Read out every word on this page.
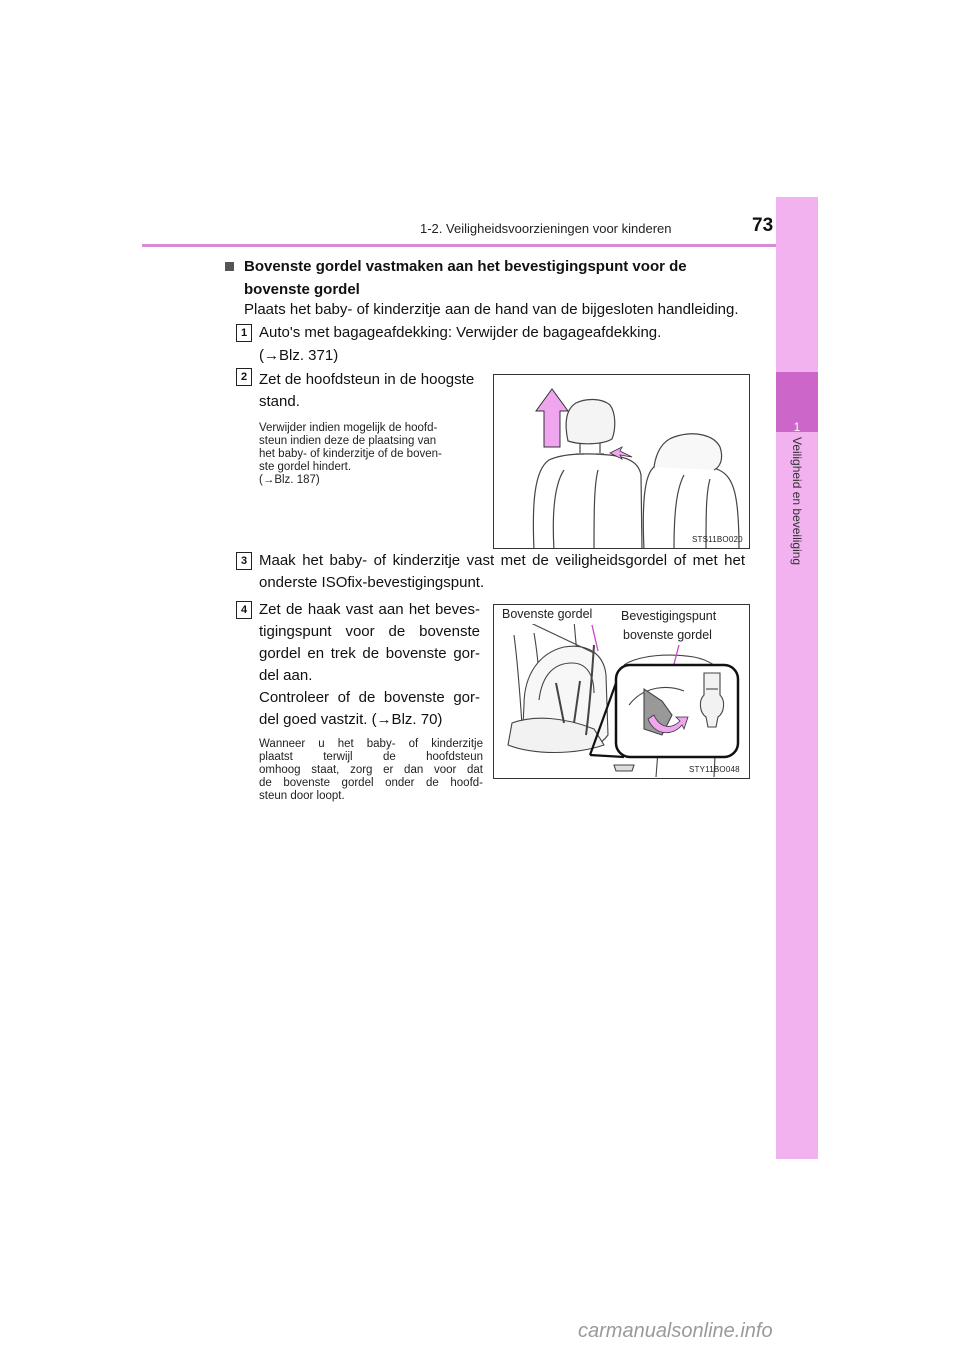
1-2. Veiligheidsvoorzieningen voor kinderen	73
1
Veiligheid en beveiliging
Bovenste gordel vastmaken aan het bevestigingspunt voor de bovenste gordel
Plaats het baby- of kinderzitje aan de hand van de bijgesloten handleiding.
1 Auto's met bagageafdekking: Verwijder de bagageafdekking.
(→Blz. 371)
2 Zet de hoofdsteun in de hoogste
stand.
Verwijder indien mogelijk de hoofd-
steun indien deze de plaatsing van
het baby- of kinderzitje of de boven-
ste gordel hindert.
(→Blz. 187)
STS11BO020
3 Maak het baby- of kinderzitje vast met de veiligheidsgordel of met het
onderste ISOfix-bevestigingspunt.
4 Zet de haak vast aan het beves-
tigingspunt voor de bovenste
gordel en trek de bovenste gor-
del aan.
Controleer of de bovenste gor-
del goed vastzit. (→Blz. 70)
Wanneer u het baby- of kinderzitje
plaatst terwijl de hoofdsteun
omhoog staat, zorg er dan voor dat
de bovenste gordel onder de hoofd-
steun door loopt.
Bovenste gordel Bevestigingspunt
bovenste gordel
STY11BO048
carmanualsonline.info
